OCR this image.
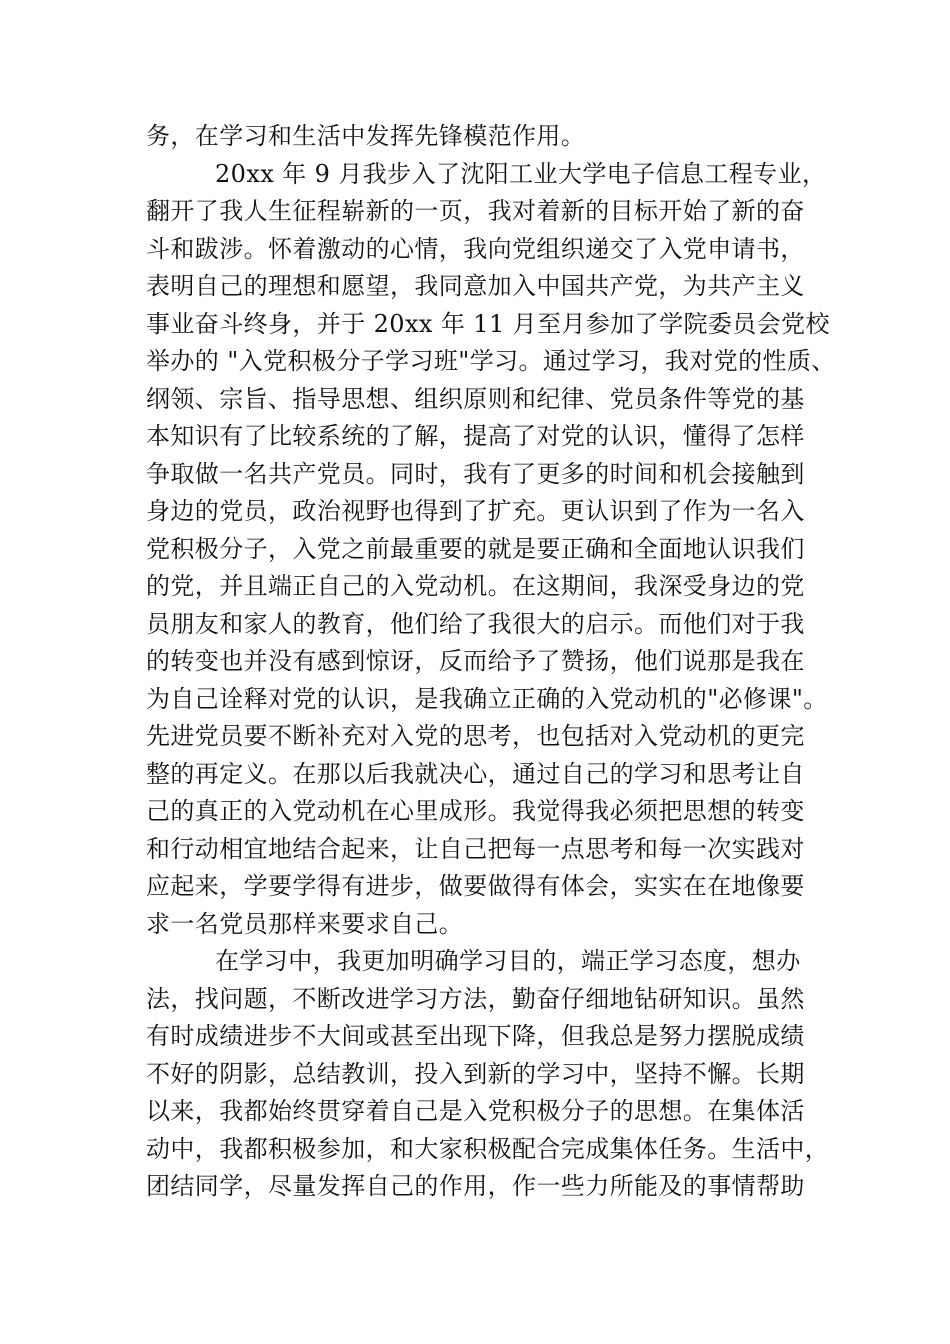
务，在学习和生活中发挥先锋模范作用。
20xx 年 9 月我步入了沈阳工业大学电子信息工程专业，
翻开了我人生征程崭新的一页，我对着新的目标开始了新的奋
斗和跋涉。怀着激动的心情，我向党组织递交了入党申请书，
表明自己的理想和愿望，我同意加入中国共产党，为共产主义
事业奋斗终身，并于 20xx 年 11 月至月参加了学院委员会党校
举办的 "入党积极分子学习班"学习。通过学习，我对党的性质、
纲领、宗旨、指导思想、组织原则和纪律、党员条件等党的基
本知识有了比较系统的了解，提高了对党的认识，懂得了怎样
争取做一名共产党员。同时，我有了更多的时间和机会接触到
身边的党员，政治视野也得到了扩充。更认识到了作为一名入
党积极分子，入党之前最重要的就是要正确和全面地认识我们
的党，并且端正自己的入党动机。在这期间，我深受身边的党
员朋友和家人的教育，他们给了我很大的启示。而他们对于我
的转变也并没有感到惊讶，反而给予了赞扬，他们说那是我在
为自己诠释对党的认识，是我确立正确的入党动机的"必修课"。
先进党员要不断补充对入党的思考，也包括对入党动机的更完
整的再定义。在那以后我就决心，通过自己的学习和思考让自
己的真正的入党动机在心里成形。我觉得我必须把思想的转变
和行动相宜地结合起来，让自己把每一点思考和每一次实践对
应起来，学要学得有进步，做要做得有体会，实实在在地像要
求一名党员那样来要求自己。
在学习中，我更加明确学习目的，端正学习态度，想办
法，找问题，不断改进学习方法，勤奋仔细地钻研知识。虽然
有时成绩进步不大间或甚至出现下降，但我总是努力摆脱成绩
不好的阴影，总结教训，投入到新的学习中，坚持不懈。长期
以来，我都始终贯穿着自己是入党积极分子的思想。在集体活
动中，我都积极参加，和大家积极配合完成集体任务。生活中，
团结同学，尽量发挥自己的作用，作一些力所能及的事情帮助
